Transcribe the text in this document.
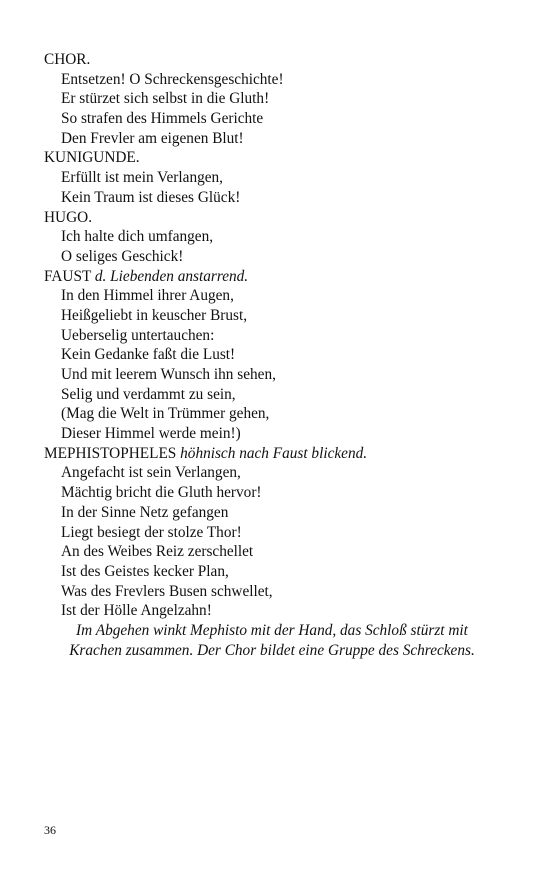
CHOR.
Entsetzen! O Schreckensgeschichte!
Er stürzet sich selbst in die Gluth!
So strafen des Himmels Gerichte
Den Frevler am eigenen Blut!
KUNIGUNDE.
Erfüllt ist mein Verlangen,
Kein Traum ist dieses Glück!
HUGO.
Ich halte dich umfangen,
O seliges Geschick!
FAUST d. Liebenden anstarrend.
In den Himmel ihrer Augen,
Heißgeliebt in keuscher Brust,
Ueberselig untertauchen:
Kein Gedanke faßt die Lust!
Und mit leerem Wunsch ihn sehen,
Selig und verdammt zu sein,
(Mag die Welt in Trümmer gehen,
Dieser Himmel werde mein!)
MEPHISTOPHELES höhnisch nach Faust blickend.
Angefacht ist sein Verlangen,
Mächtig bricht die Gluth hervor!
In der Sinne Netz gefangen
Liegt besiegt der stolze Thor!
An des Weibes Reiz zerschellet
Ist des Geistes kecker Plan,
Was des Frevlers Busen schwellet,
Ist der Hölle Angelzahn!
Im Abgehen winkt Mephisto mit der Hand, das Schloß stürzt mit
Krachen zusammen. Der Chor bildet eine Gruppe des Schreckens.
36
